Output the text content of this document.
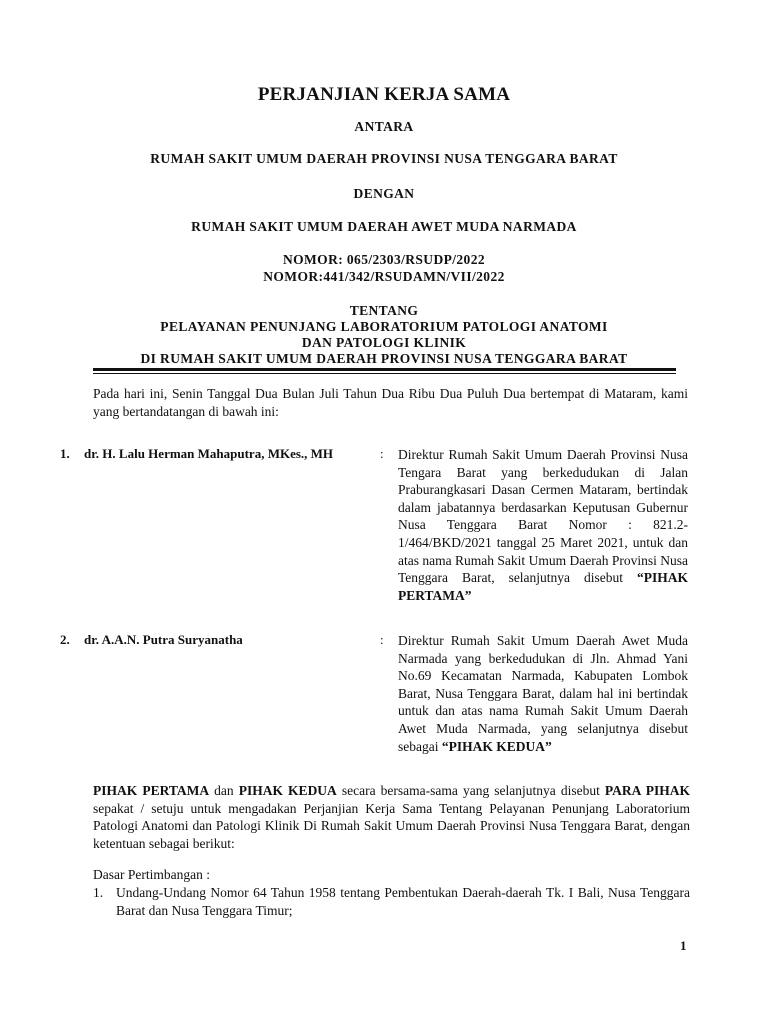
PERJANJIAN KERJA SAMA
ANTARA
RUMAH SAKIT UMUM DAERAH PROVINSI NUSA TENGGARA BARAT
DENGAN
RUMAH SAKIT UMUM DAERAH AWET MUDA NARMADA
NOMOR: 065/2303/RSUDP/2022
NOMOR:441/342/RSUDAMN/VII/2022
TENTANG
PELAYANAN PENUNJANG LABORATORIUM PATOLOGI ANATOMI
DAN PATOLOGI KLINIK
DI RUMAH SAKIT UMUM DAERAH PROVINSI NUSA TENGGARA BARAT
Pada hari ini, Senin Tanggal Dua Bulan Juli Tahun Dua Ribu Dua Puluh Dua bertempat di Mataram, kami yang bertandatangan di bawah ini:
1. dr. H. Lalu Herman Mahaputra, MKes., MH	: Direktur Rumah Sakit Umum Daerah Provinsi Nusa Tengara Barat yang berkedudukan di Jalan Praburangkasari Dasan Cermen Mataram, bertindak dalam jabatannya berdasarkan Keputusan Gubernur Nusa Tenggara Barat Nomor : 821.2-1/464/BKD/2021 tanggal 25 Maret 2021, untuk dan atas nama Rumah Sakit Umum Daerah Provinsi Nusa Tenggara Barat, selanjutnya disebut “PIHAK PERTAMA”
2. dr. A.A.N. Putra Suryanatha	: Direktur Rumah Sakit Umum Daerah Awet Muda Narmada yang berkedudukan di Jln. Ahmad Yani No.69 Kecamatan Narmada, Kabupaten Lombok Barat, Nusa Tenggara Barat, dalam hal ini bertindak untuk dan atas nama Rumah Sakit Umum Daerah Awet Muda Narmada, yang selanjutnya disebut sebagai “PIHAK KEDUA”
PIHAK PERTAMA dan PIHAK KEDUA secara bersama-sama yang selanjutnya disebut PARA PIHAK sepakat / setuju untuk mengadakan Perjanjian Kerja Sama Tentang Pelayanan Penunjang Laboratorium Patologi Anatomi dan Patologi Klinik Di Rumah Sakit Umum Daerah Provinsi Nusa Tenggara Barat, dengan ketentuan sebagai berikut:
Dasar Pertimbangan :
1. Undang-Undang Nomor 64 Tahun 1958 tentang Pembentukan Daerah-daerah Tk. I Bali, Nusa Tenggara Barat dan Nusa Tenggara Timur;
1
